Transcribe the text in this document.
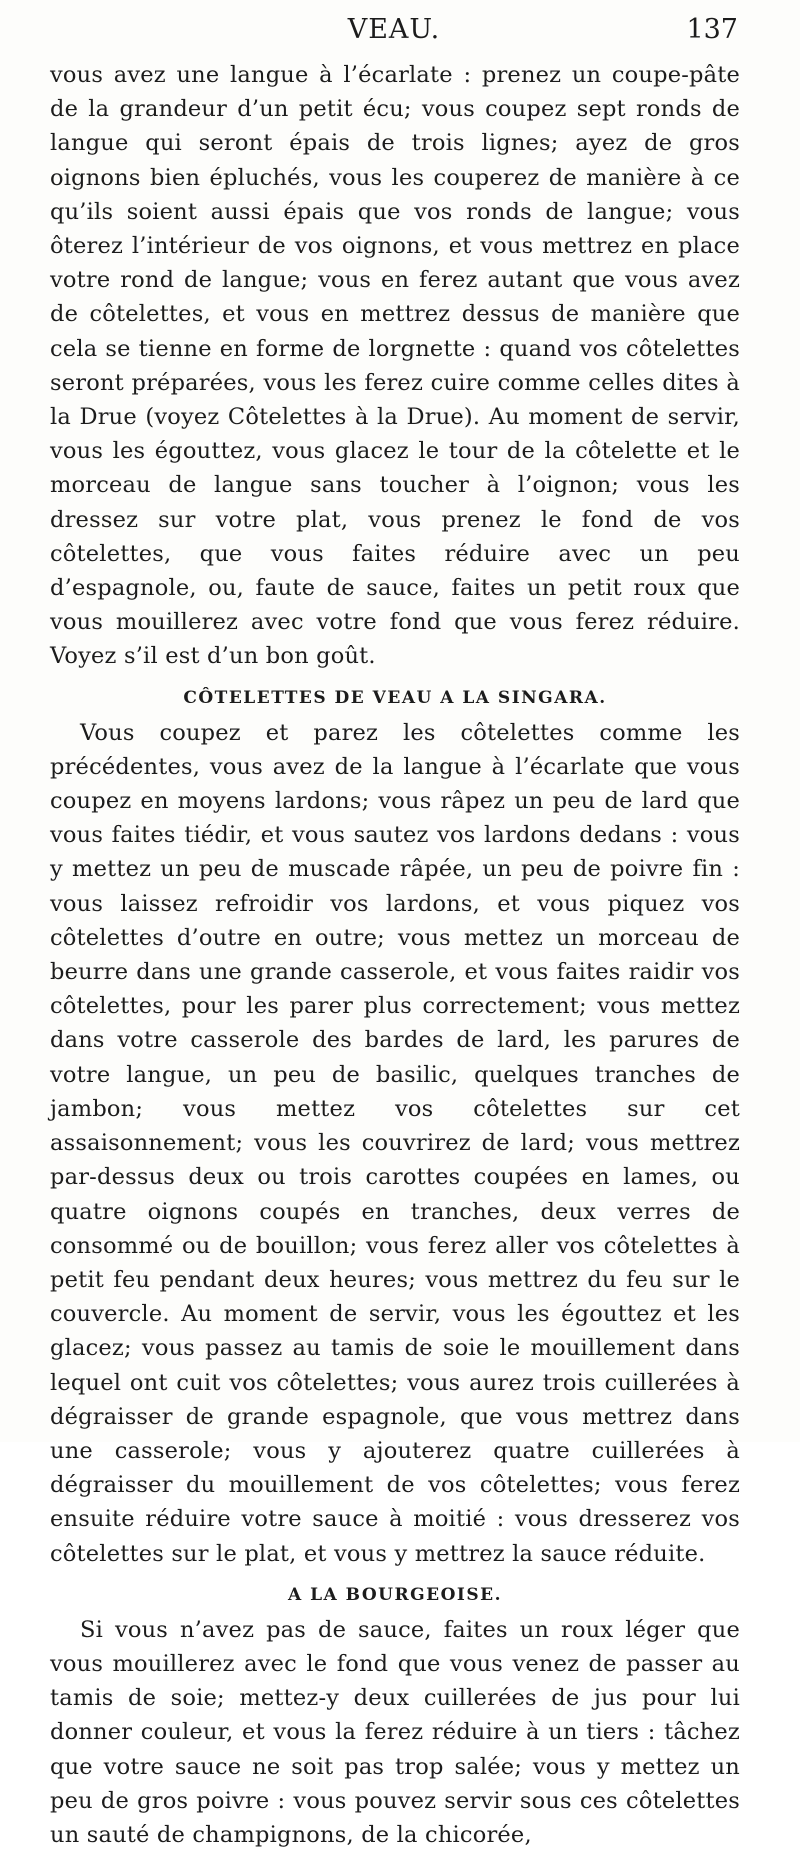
VEAU.	137

vous avez une langue à l’écarlate : prenez un coupe-pâte de la grandeur d’un petit écu; vous coupez sept ronds de langue qui seront épais de trois lignes; ayez de gros oignons bien épluchés, vous les couperez de manière à ce qu’ils soient aussi épais que vos ronds de langue; vous ôterez l’intérieur de vos oignons, et vous mettrez en place votre rond de langue; vous en ferez autant que vous avez de côtelettes, et vous en mettrez dessus de manière que cela se tienne en forme de lorgnette : quand vos côtelettes seront préparées, vous les ferez cuire comme celles dites à la Drue (voyez Côtelettes à la Drue). Au moment de servir, vous les égouttez, vous glacez le tour de la côtelette et le morceau de langue sans toucher à l’oignon; vous les dressez sur votre plat, vous prenez le fond de vos côtelettes, que vous faites réduire avec un peu d’espagnole, ou, faute de sauce, faites un petit roux que vous mouillerez avec votre fond que vous ferez réduire. Voyez s’il est d’un bon goût.

CÔTELETTES DE VEAU A LA SINGARA.

Vous coupez et parez les côtelettes comme les précédentes, vous avez de la langue à l’écarlate que vous coupez en moyens lardons; vous râpez un peu de lard que vous faites tiédir, et vous sautez vos lardons dedans : vous y mettez un peu de muscade râpée, un peu de poivre fin : vous laissez refroidir vos lardons, et vous piquez vos côtelettes d’outre en outre; vous mettez un morceau de beurre dans une grande casserole, et vous faites raidir vos côtelettes, pour les parer plus correctement; vous mettez dans votre casserole des bardes de lard, les parures de votre langue, un peu de basilic, quelques tranches de jambon; vous mettez vos côtelettes sur cet assaisonnement; vous les couvrirez de lard; vous mettrez par-dessus deux ou trois carottes coupées en lames, ou quatre oignons coupés en tranches, deux verres de consommé ou de bouillon; vous ferez aller vos côtelettes à petit feu pendant deux heures; vous mettrez du feu sur le couvercle. Au moment de servir, vous les égouttez et les glacez; vous passez au tamis de soie le mouillement dans lequel ont cuit vos côtelettes; vous aurez trois cuillerées à dégraisser de grande espagnole, que vous mettrez dans une casserole; vous y ajouterez quatre cuillerées à dégraisser du mouillement de vos côtelettes; vous ferez ensuite réduire votre sauce à moitié : vous dresserez vos côtelettes sur le plat, et vous y mettrez la sauce réduite.

A LA BOURGEOISE.

Si vous n’avez pas de sauce, faites un roux léger que vous mouillerez avec le fond que vous venez de passer au tamis de soie; mettez-y deux cuillerées de jus pour lui donner couleur, et vous la ferez réduire à un tiers : tâchez que votre sauce ne soit pas trop salée; vous y mettez un peu de gros poivre : vous pouvez servir sous ces côtelettes un sauté de champignons, de la chicorée,
